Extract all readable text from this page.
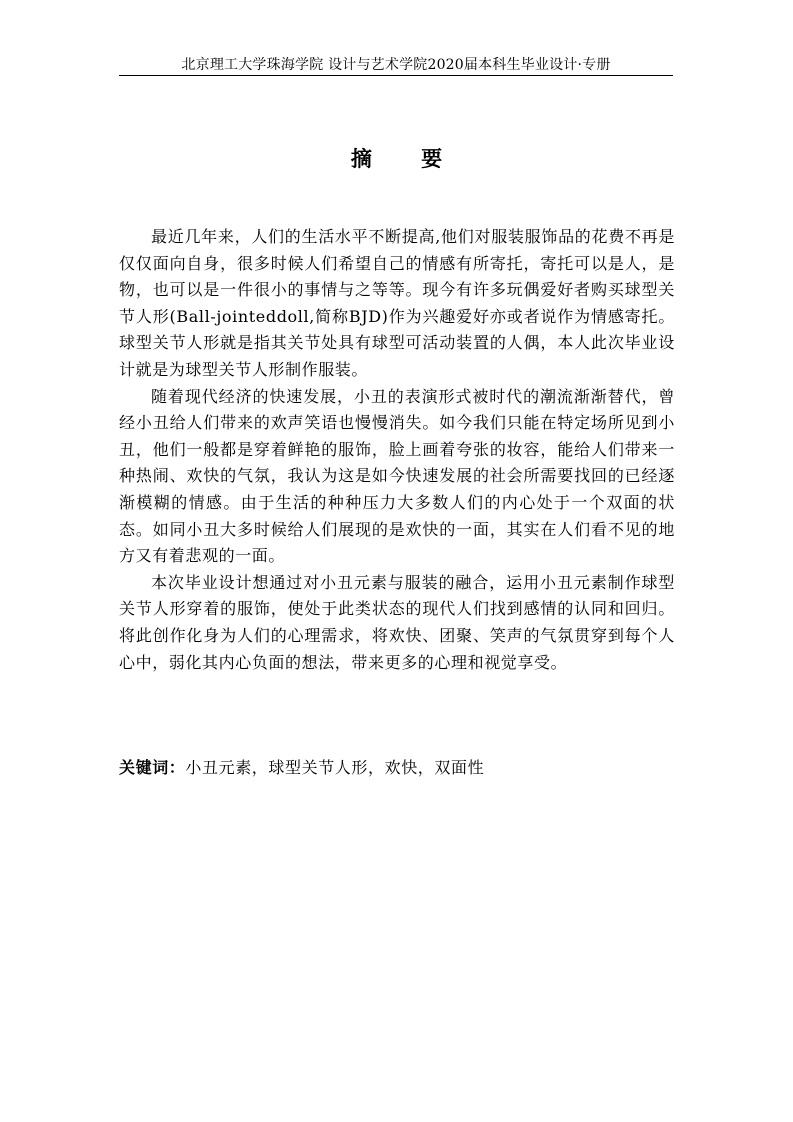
北京理工大学珠海学院 设计与艺术学院2020届本科生毕业设计·专册
摘 要

最近几年来，人们的生活水平不断提高,他们对服装服饰品的花费不再是仅仅面向自身，很多时候人们希望自己的情感有所寄托，寄托可以是人，是物，也可以是一件很小的事情与之等等。现今有许多玩偶爱好者购买球型关节人形(Ball-jointeddoll,简称BJD)作为兴趣爱好亦或者说作为情感寄托。球型关节人形就是指其关节处具有球型可活动装置的人偶，本人此次毕业设计就是为球型关节人形制作服装。

随着现代经济的快速发展，小丑的表演形式被时代的潮流渐渐替代，曾经小丑给人们带来的欢声笑语也慢慢消失。如今我们只能在特定场所见到小丑，他们一般都是穿着鲜艳的服饰，脸上画着夸张的妆容，能给人们带来一种热闹、欢快的气氛，我认为这是如今快速发展的社会所需要找回的已经逐渐模糊的情感。由于生活的种种压力大多数人们的内心处于一个双面的状态。如同小丑大多时候给人们展现的是欢快的一面，其实在人们看不见的地方又有着悲观的一面。

本次毕业设计想通过对小丑元素与服装的融合，运用小丑元素制作球型关节人形穿着的服饰，使处于此类状态的现代人们找到感情的认同和回归。将此创作化身为人们的心理需求，将欢快、团聚、笑声的气氛贯穿到每个人心中，弱化其内心负面的想法，带来更多的心理和视觉享受。

关键词：小丑元素，球型关节人形，欢快，双面性
